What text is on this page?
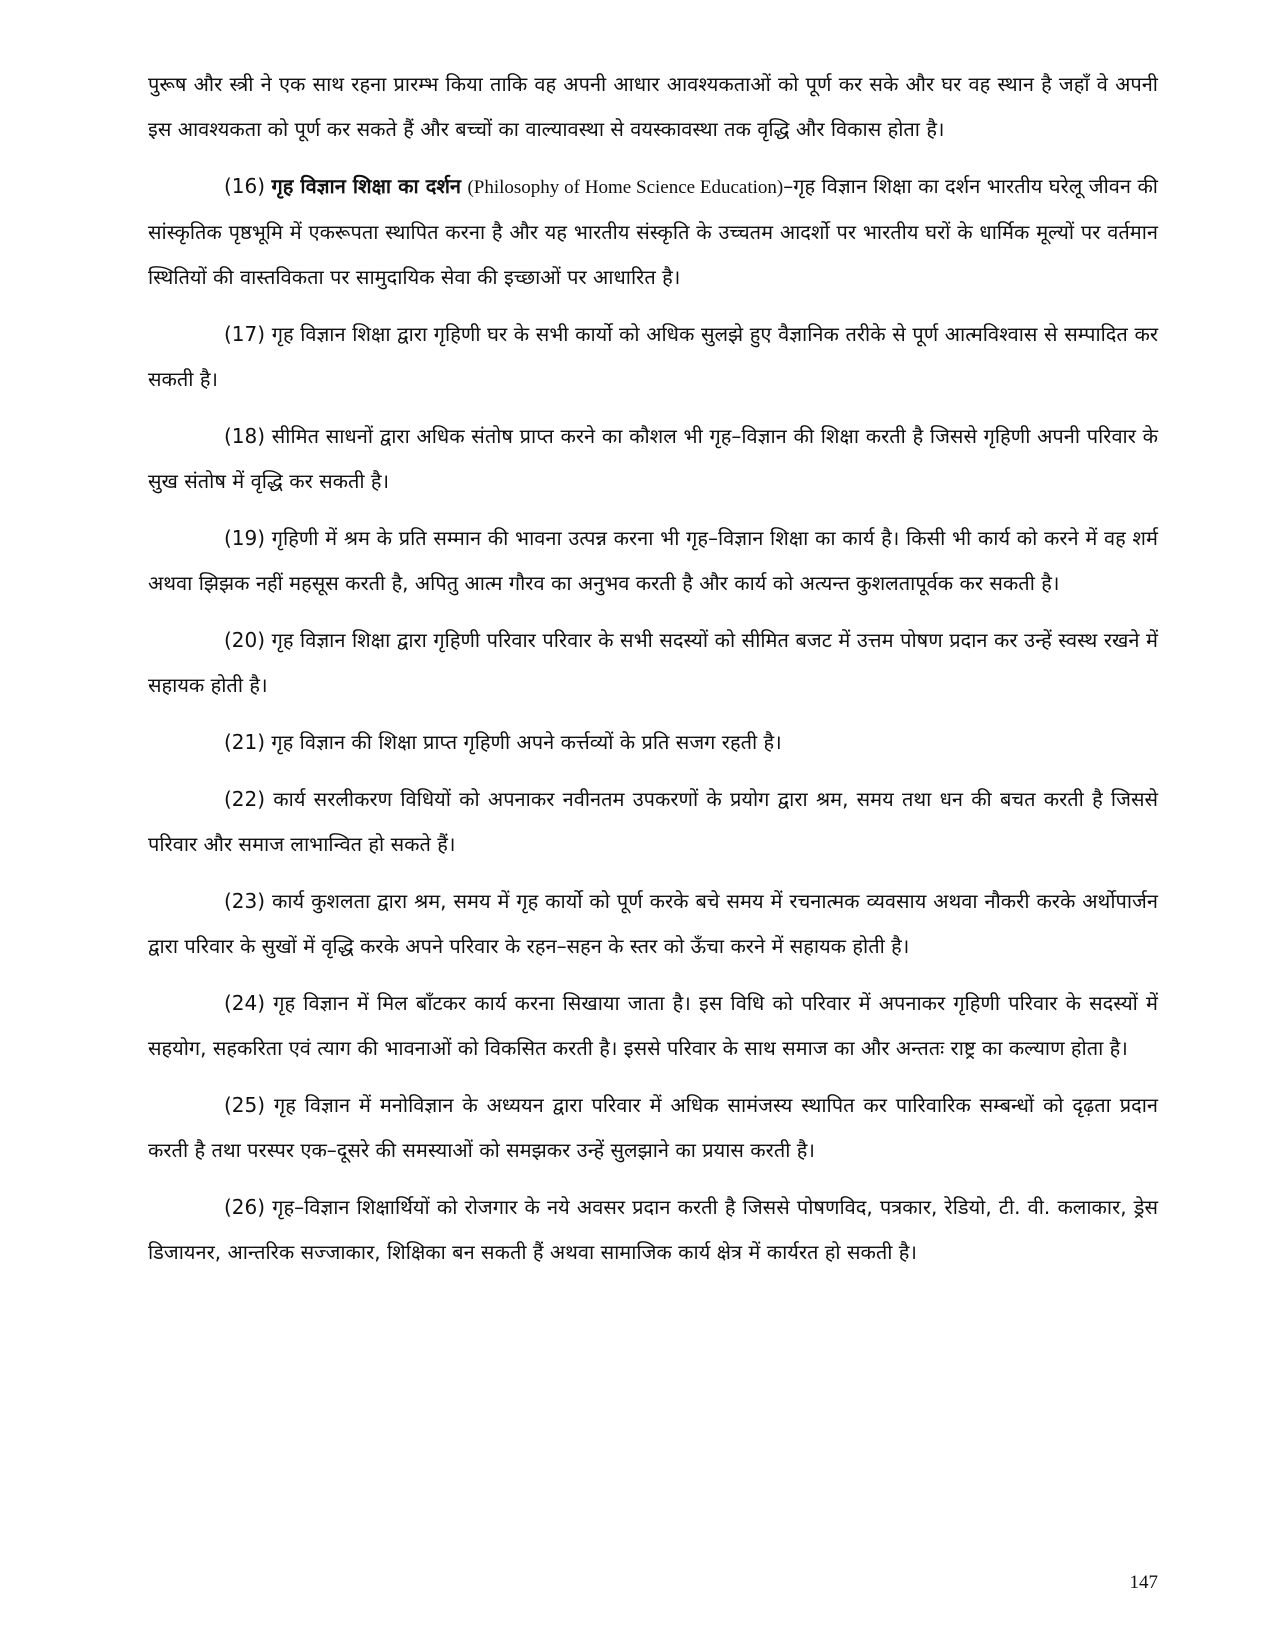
पुरूष और स्त्री ने एक साथ रहना प्रारम्भ किया ताकि वह अपनी आधार आवश्यकताओं को पूर्ण कर सके और घर वह स्थान है जहाँ वे अपनी इस आवश्यकता को पूर्ण कर सकते हैं और बच्चों का वाल्यावस्था से वयस्कावस्था तक वृद्धि और विकास होता है।

(16) गृह विज्ञान शिक्षा का दर्शन (Philosophy of Home Science Education)–गृह विज्ञान शिक्षा का दर्शन भारतीय घरेलू जीवन की सांस्कृतिक पृष्ठभूमि में एकरूपता स्थापित करना है और यह भारतीय संस्कृति के उच्चतम आदर्शो पर भारतीय घरों के धार्मिक मूल्यों पर वर्तमान स्थितियों की वास्तविकता पर सामुदायिक सेवा की इच्छाओं पर आधारित है।

(17) गृह विज्ञान शिक्षा द्वारा गृहिणी घर के सभी कार्यो को अधिक सुलझे हुए वैज्ञानिक तरीके से पूर्ण आत्मविश्वास से सम्पादित कर सकती है।

(18) सीमित साधनों द्वारा अधिक संतोष प्राप्त करने का कौशल भी गृह–विज्ञान की शिक्षा करती है जिससे गृहिणी अपनी परिवार के सुख संतोष में वृद्धि कर सकती है।

(19) गृहिणी में श्रम के प्रति सम्मान की भावना उत्पन्न करना भी गृह–विज्ञान शिक्षा का कार्य है। किसी भी कार्य को करने में वह शर्म अथवा झिझक नहीं महसूस करती है, अपितु आत्म गौरव का अनुभव करती है और कार्य को अत्यन्त कुशलतापूर्वक कर सकती है।

(20) गृह विज्ञान शिक्षा द्वारा गृहिणी परिवार परिवार के सभी सदस्यों को सीमित बजट में उत्तम पोषण प्रदान कर उन्हें स्वस्थ रखने में सहायक होती है।

(21) गृह विज्ञान की शिक्षा प्राप्त गृहिणी अपने कर्त्तव्यों के प्रति सजग रहती है।

(22) कार्य सरलीकरण विधियों को अपनाकर नवीनतम उपकरणों के प्रयोग द्वारा श्रम, समय तथा धन की बचत करती है जिससे परिवार और समाज लाभान्वित हो सकते हैं।

(23) कार्य कुशलता द्वारा श्रम, समय में गृह कार्यो को पूर्ण करके बचे समय में रचनात्मक व्यवसाय अथवा नौकरी करके अर्थोपार्जन द्वारा परिवार के सुखों में वृद्धि करके अपने परिवार के रहन–सहन के स्तर को ऊँचा करने में सहायक होती है।

(24) गृह विज्ञान में मिल बाँटकर कार्य करना सिखाया जाता है। इस विधि को परिवार में अपनाकर गृहिणी परिवार के सदस्यों में सहयोग, सहकरिता एवं त्याग की भावनाओं को विकसित करती है। इससे परिवार के साथ समाज का और अन्ततः राष्ट्र का कल्याण होता है।

(25) गृह विज्ञान में मनोविज्ञान के अध्ययन द्वारा परिवार में अधिक सामंजस्य स्थापित कर पारिवारिक सम्बन्धों को दृढ़ता प्रदान करती है तथा परस्पर एक–दूसरे की समस्याओं को समझकर उन्हें सुलझाने का प्रयास करती है।

(26) गृह–विज्ञान शिक्षार्थियों को रोजगार के नये अवसर प्रदान करती है जिससे पोषणविद, पत्रकार, रेडियो, टी. वी. कलाकार, ड्रेस डिजायनर, आन्तरिक सज्जाकार, शिक्षिका बन सकती हैं अथवा सामाजिक कार्य क्षेत्र में कार्यरत हो सकती है।

147
